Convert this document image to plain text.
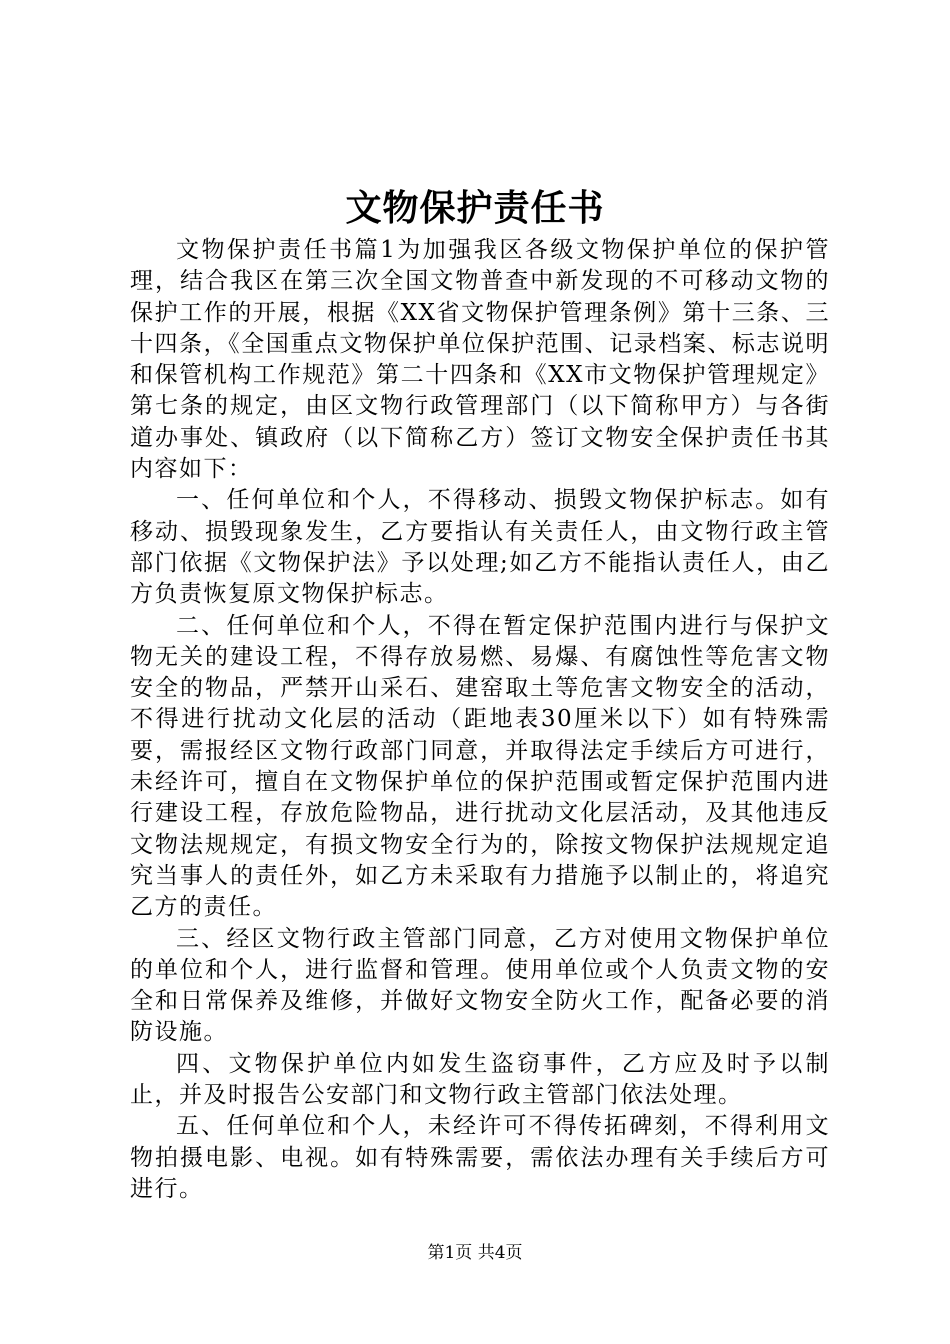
文物保护责任书

文物保护责任书篇1为加强我区各级文物保护单位的保护管理，结合我区在第三次全国文物普查中新发现的不可移动文物的保护工作的开展，根据《XX省文物保护管理条例》第十三条、三十四条，《全国重点文物保护单位保护范围、记录档案、标志说明和保管机构工作规范》第二十四条和《XX市文物保护管理规定》第七条的规定，由区文物行政管理部门（以下简称甲方）与各街道办事处、镇政府（以下简称乙方）签订文物安全保护责任书其内容如下：

一、任何单位和个人，不得移动、损毁文物保护标志。如有移动、损毁现象发生，乙方要指认有关责任人，由文物行政主管部门依据《文物保护法》予以处理;如乙方不能指认责任人，由乙方负责恢复原文物保护标志。

二、任何单位和个人，不得在暂定保护范围内进行与保护文物无关的建设工程，不得存放易燃、易爆、有腐蚀性等危害文物安全的物品，严禁开山采石、建窑取土等危害文物安全的活动，不得进行扰动文化层的活动（距地表30厘米以下）如有特殊需要，需报经区文物行政部门同意，并取得法定手续后方可进行，未经许可，擅自在文物保护单位的保护范围或暂定保护范围内进行建设工程，存放危险物品，进行扰动文化层活动，及其他违反文物法规规定，有损文物安全行为的，除按文物保护法规规定追究当事人的责任外，如乙方未采取有力措施予以制止的，将追究乙方的责任。

三、经区文物行政主管部门同意，乙方对使用文物保护单位的单位和个人，进行监督和管理。使用单位或个人负责文物的安全和日常保养及维修，并做好文物安全防火工作，配备必要的消防设施。

四、文物保护单位内如发生盗窃事件，乙方应及时予以制止，并及时报告公安部门和文物行政主管部门依法处理。

五、任何单位和个人，未经许可不得传拓碑刻，不得利用文物拍摄电影、电视。如有特殊需要，需依法办理有关手续后方可进行。

第1页 共4页
